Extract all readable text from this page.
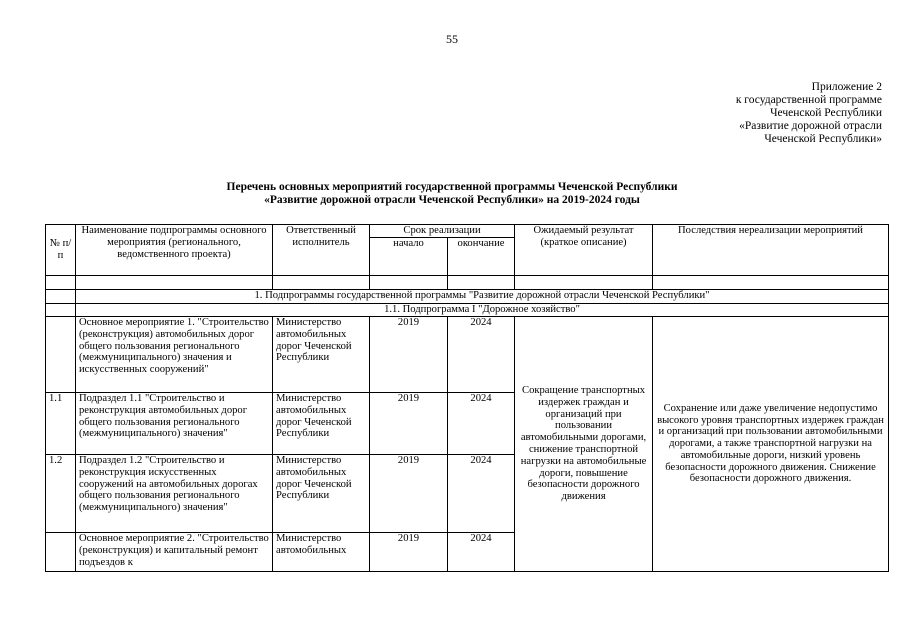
55
Приложение 2
к государственной программе
Чеченской Республики
«Развитие дорожной отрасли
Чеченской Республики»
Перечень основных мероприятий государственной программы Чеченской Республики
«Развитие дорожной отрасли Чеченской Республики» на 2019-2024 годы
№ п/п	Наименование подпрограммы основного мероприятия (регионального, ведомственного проекта)	Ответственный исполнитель	Срок реализации		Ожидаемый результат (краткое описание)	Последствия нереализации мероприятий
			начало	окончание		

	1. Подпрограммы государственной программы "Развитие дорожной отрасли Чеченской Республики"					
	1.1. Подпрограмма I "Дорожное хозяйство"					
	Основное мероприятие 1. "Строительство (реконструкция) автомобильных дорог общего пользования регионального (межмуниципального) значения и искусственных сооружений"	Министерство автомобильных дорог Чеченской Республики	2019	2024	Сокращение транспортных издержек граждан и организаций при пользовании автомобильными дорогами, снижение транспортной нагрузки на автомобильные дороги, повышение безопасности дорожного движения	Сохранение или даже увеличение недопустимо высокого уровня транспортных издержек граждан и организаций при пользовании автомобильными дорогами, а также транспортной нагрузки на автомобильные дороги, низкий уровень безопасности дорожного движения. Снижение безопасности дорожного движения.
1.1	Подраздел 1.1 "Строительство и реконструкция автомобильных дорог общего пользования регионального (межмуниципального) значения"	Министерство автомобильных дорог Чеченской Республики	2019	2024		
1.2	Подраздел 1.2 "Строительство и реконструкция искусственных сооружений на автомобильных дорогах общего пользования регионального (межмуниципального) значения"	Министерство автомобильных дорог Чеченской Республики	2019	2024		
	Основное мероприятие 2. "Строительство (реконструкция) и капитальный ремонт подъездов к	Министерство автомобильных	2019	2024		
